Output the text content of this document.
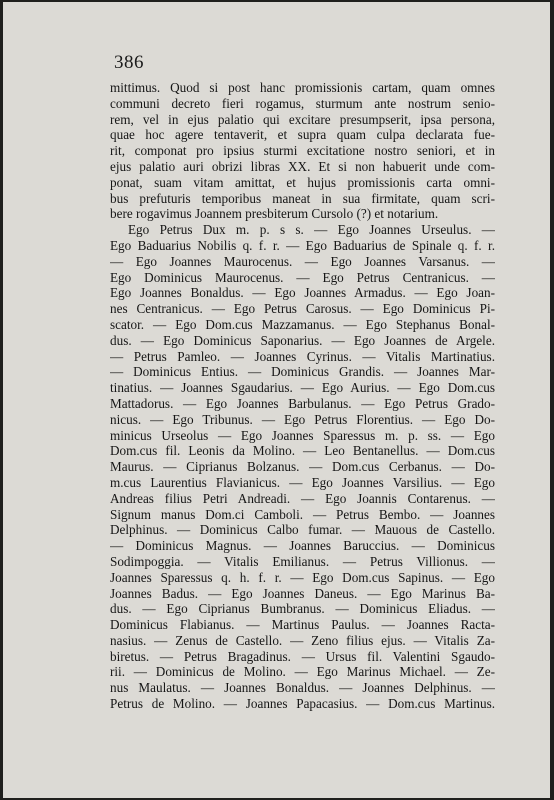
386
mittimus. Quod si post hanc promissionis cartam, quam omnes
communi decreto fieri rogamus, sturmum ante nostrum senio-
rem, vel in ejus palatio qui excitare presumpserit, ipsa persona,
quae hoc agere tentaverit, et supra quam culpa declarata fue-
rit, componat pro ipsius sturmi excitatione nostro seniori, et in
ejus palatio auri obrizi libras XX. Et si non habuerit unde com-
ponat, suam vitam amittat, et hujus promissionis carta omni-
bus prefuturis temporibus maneat in sua firmitate, quam scri-
bere rogavimus Joannem presbiterum Cursolo (?) et notarium.
Ego Petrus Dux m. p. s s. — Ego Joannes Urseulus. —
Ego Baduarius Nobilis q. f. r. — Ego Baduarius de Spinale q. f. r.
— Ego Joannes Maurocenus. — Ego Joannes Varsanus. —
Ego Dominicus Maurocenus. — Ego Petrus Centranicus. —
Ego Joannes Bonaldus. — Ego Joannes Armadus. — Ego Joan-
nes Centranicus. — Ego Petrus Carosus. — Ego Dominicus Pi-
scator. — Ego Dom.cus Mazzamanus. — Ego Stephanus Bonal-
dus. — Ego Dominicus Saponarius. — Ego Joannes de Argele.
— Petrus Pamleo. — Joannes Cyrinus. — Vitalis Martinatius.
— Dominicus Entius. — Dominicus Grandis. — Joannes Mar-
tinatius. — Joannes Sgaudarius. — Ego Aurius. — Ego Dom.cus
Mattadorus. — Ego Joannes Barbulanus. — Ego Petrus Grado-
nicus. — Ego Tribunus. — Ego Petrus Florentius. — Ego Do-
minicus Urseolus — Ego Joannes Sparessus m. p. ss. — Ego
Dom.cus fil. Leonis da Molino. — Leo Bentanellus. — Dom.cus
Maurus. — Ciprianus Bolzanus. — Dom.cus Cerbanus. — Do-
m.cus Laurentius Flavianicus. — Ego Joannes Varsilius. — Ego
Andreas filius Petri Andreadi. — Ego Joannis Contarenus. —
Signum manus Dom.ci Camboli. — Petrus Bembo. — Joannes
Delphinus. — Dominicus Calbo fumar. — Mauous de Castello.
— Dominicus Magnus. — Joannes Baruccius. — Dominicus
Sodimpoggia. — Vitalis Emilianus. — Petrus Villionus. —
Joannes Sparessus q. h. f. r. — Ego Dom.cus Sapinus. — Ego
Joannes Badus. — Ego Joannes Daneus. — Ego Marinus Ba-
dus. — Ego Ciprianus Bumbranus. — Dominicus Eliadus. —
Dominicus Flabianus. — Martinus Paulus. — Joannes Racta-
nasius. — Zenus de Castello. — Zeno filius ejus. — Vitalis Za-
biretus. — Petrus Bragadinus. — Ursus fil. Valentini Sgaudo-
rii. — Dominicus de Molino. — Ego Marinus Michael. — Ze-
nus Maulatus. — Joannes Bonaldus. — Joannes Delphinus. —
Petrus de Molino. — Joannes Papacasius. — Dom.cus Martinus.
